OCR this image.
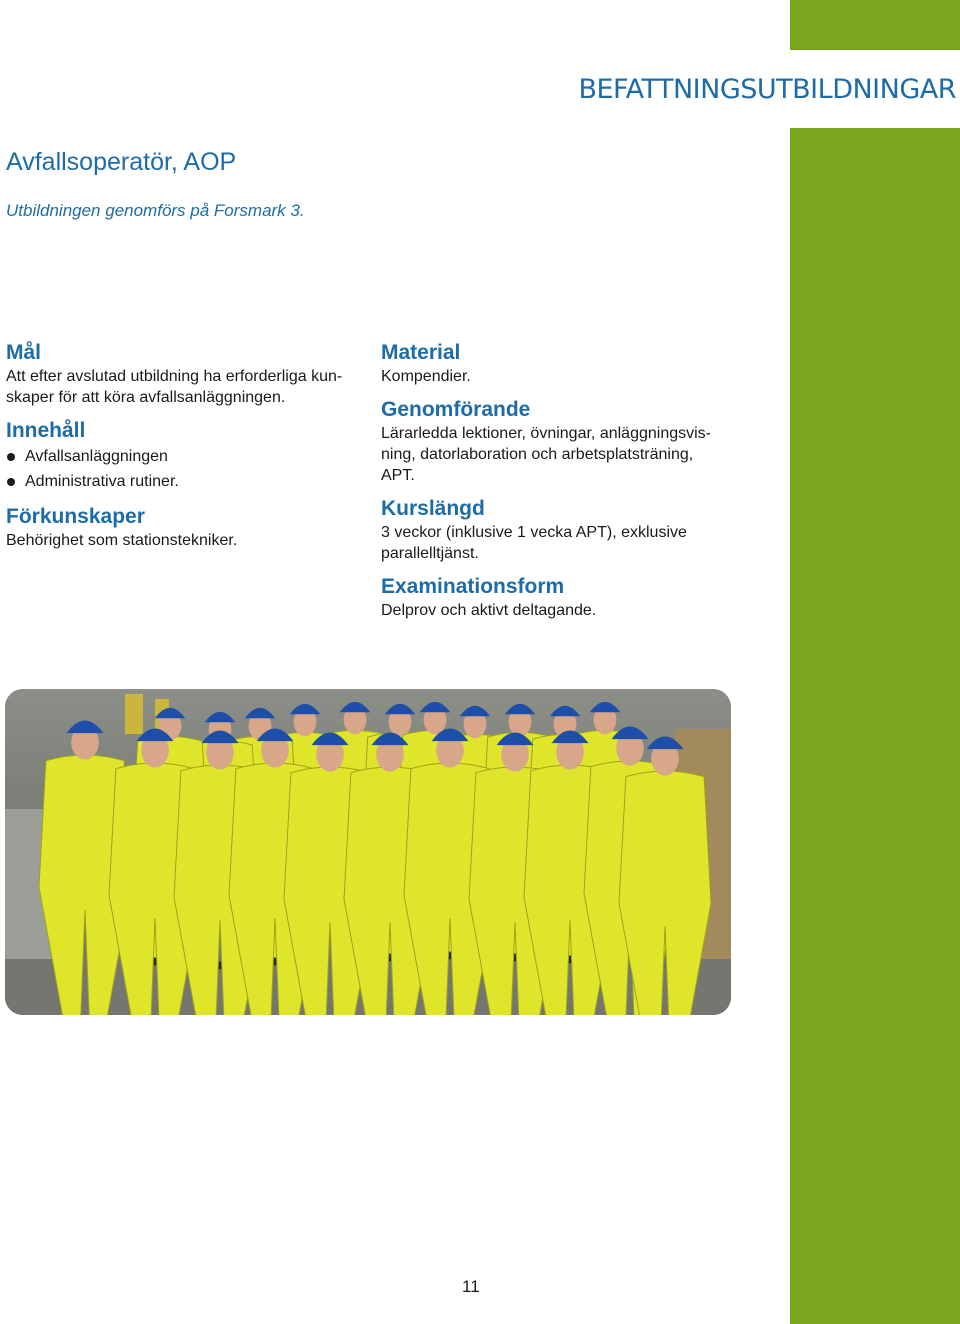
BEFATTNINGSUTBILDNINGAR
Avfallsoperatör, AOP
Utbildningen genomförs på Forsmark 3.
Mål

Att efter avslutad utbildning ha erforderliga kun-
skaper för att köra avfallsanläggningen.

Innehåll
Avfallsanläggningen
Administrativa rutiner.
Förkunskaper

Behörighet som stationstekniker.

Material

Kompendier.

Genomförande

Lärarledda lektioner, övningar, anläggningsvis-
ning, datorlaboration och arbetsplatsträning,
APT.

Kurslängd

3 veckor (inklusive 1 vecka APT), exklusive
parallelltjänst.

Examinationsform

Delprov och aktivt deltagande.

11
